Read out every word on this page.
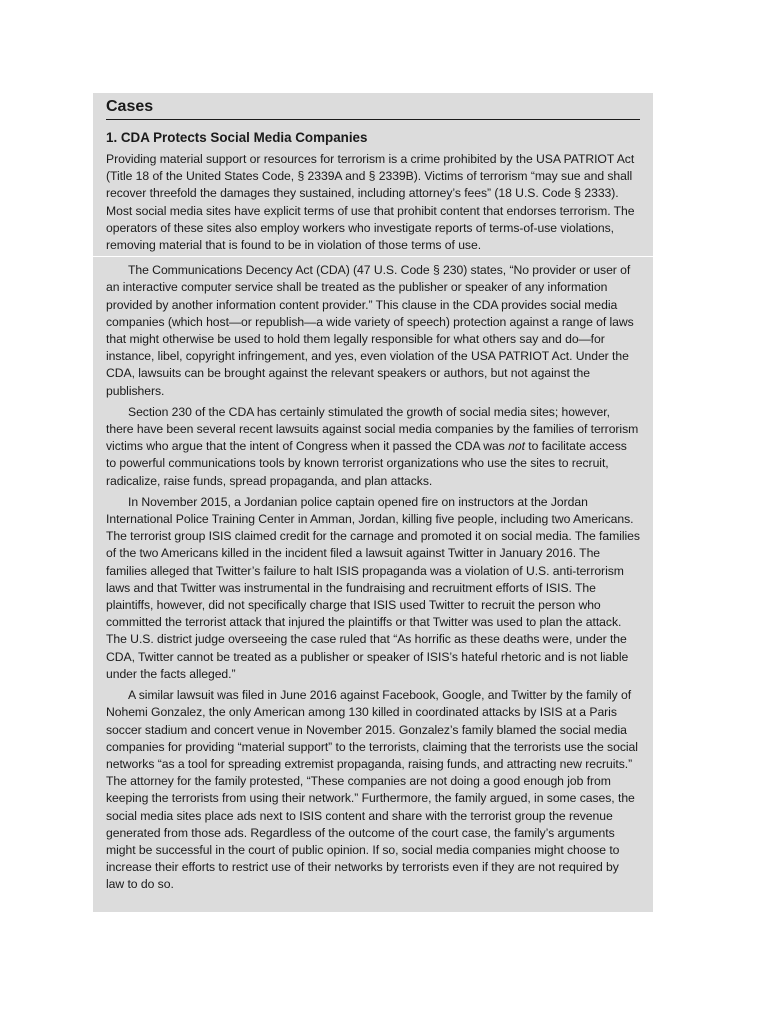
Cases
1. CDA Protects Social Media Companies

Providing material support or resources for terrorism is a crime prohibited by the USA PATRIOT Act (Title 18 of the United States Code, § 2339A and § 2339B). Victims of terrorism “may sue and shall recover threefold the damages they sustained, including attorney’s fees” (18 U.S. Code § 2333). Most social media sites have explicit terms of use that prohibit content that endorses terrorism. The operators of these sites also employ workers who investigate reports of terms-of-use violations, removing material that is found to be in violation of those terms of use.

The Communications Decency Act (CDA) (47 U.S. Code § 230) states, “No provider or user of an interactive computer service shall be treated as the publisher or speaker of any information provided by another information content provider.” This clause in the CDA provides social media companies (which host—or republish—a wide variety of speech) protection against a range of laws that might otherwise be used to hold them legally responsible for what others say and do—for instance, libel, copyright infringement, and yes, even violation of the USA PATRIOT Act. Under the CDA, lawsuits can be brought against the relevant speakers or authors, but not against the publishers.

Section 230 of the CDA has certainly stimulated the growth of social media sites; however, there have been several recent lawsuits against social media companies by the families of terrorism victims who argue that the intent of Congress when it passed the CDA was not to facilitate access to powerful communications tools by known terrorist organizations who use the sites to recruit, radicalize, raise funds, spread propaganda, and plan attacks.

In November 2015, a Jordanian police captain opened fire on instructors at the Jordan International Police Training Center in Amman, Jordan, killing five people, including two Americans. The terrorist group ISIS claimed credit for the carnage and promoted it on social media. The families of the two Americans killed in the incident filed a lawsuit against Twitter in January 2016. The families alleged that Twitter’s failure to halt ISIS propaganda was a violation of U.S. anti-terrorism laws and that Twitter was instrumental in the fundraising and recruitment efforts of ISIS. The plaintiffs, however, did not specifically charge that ISIS used Twitter to recruit the person who committed the terrorist attack that injured the plaintiffs or that Twitter was used to plan the attack. The U.S. district judge overseeing the case ruled that “As horrific as these deaths were, under the CDA, Twitter cannot be treated as a publisher or speaker of ISIS’s hateful rhetoric and is not liable under the facts alleged.”

A similar lawsuit was filed in June 2016 against Facebook, Google, and Twitter by the family of Nohemi Gonzalez, the only American among 130 killed in coordinated attacks by ISIS at a Paris soccer stadium and concert venue in November 2015. Gonzalez’s family blamed the social media companies for providing “material support” to the terrorists, claiming that the terrorists use the social networks “as a tool for spreading extremist propaganda, raising funds, and attracting new recruits.” The attorney for the family protested, “These companies are not doing a good enough job from keeping the terrorists from using their network.” Furthermore, the family argued, in some cases, the social media sites place ads next to ISIS content and share with the terrorist group the revenue generated from those ads. Regardless of the outcome of the court case, the family’s arguments might be successful in the court of public opinion. If so, social media companies might choose to increase their efforts to restrict use of their networks by terrorists even if they are not required by law to do so.
